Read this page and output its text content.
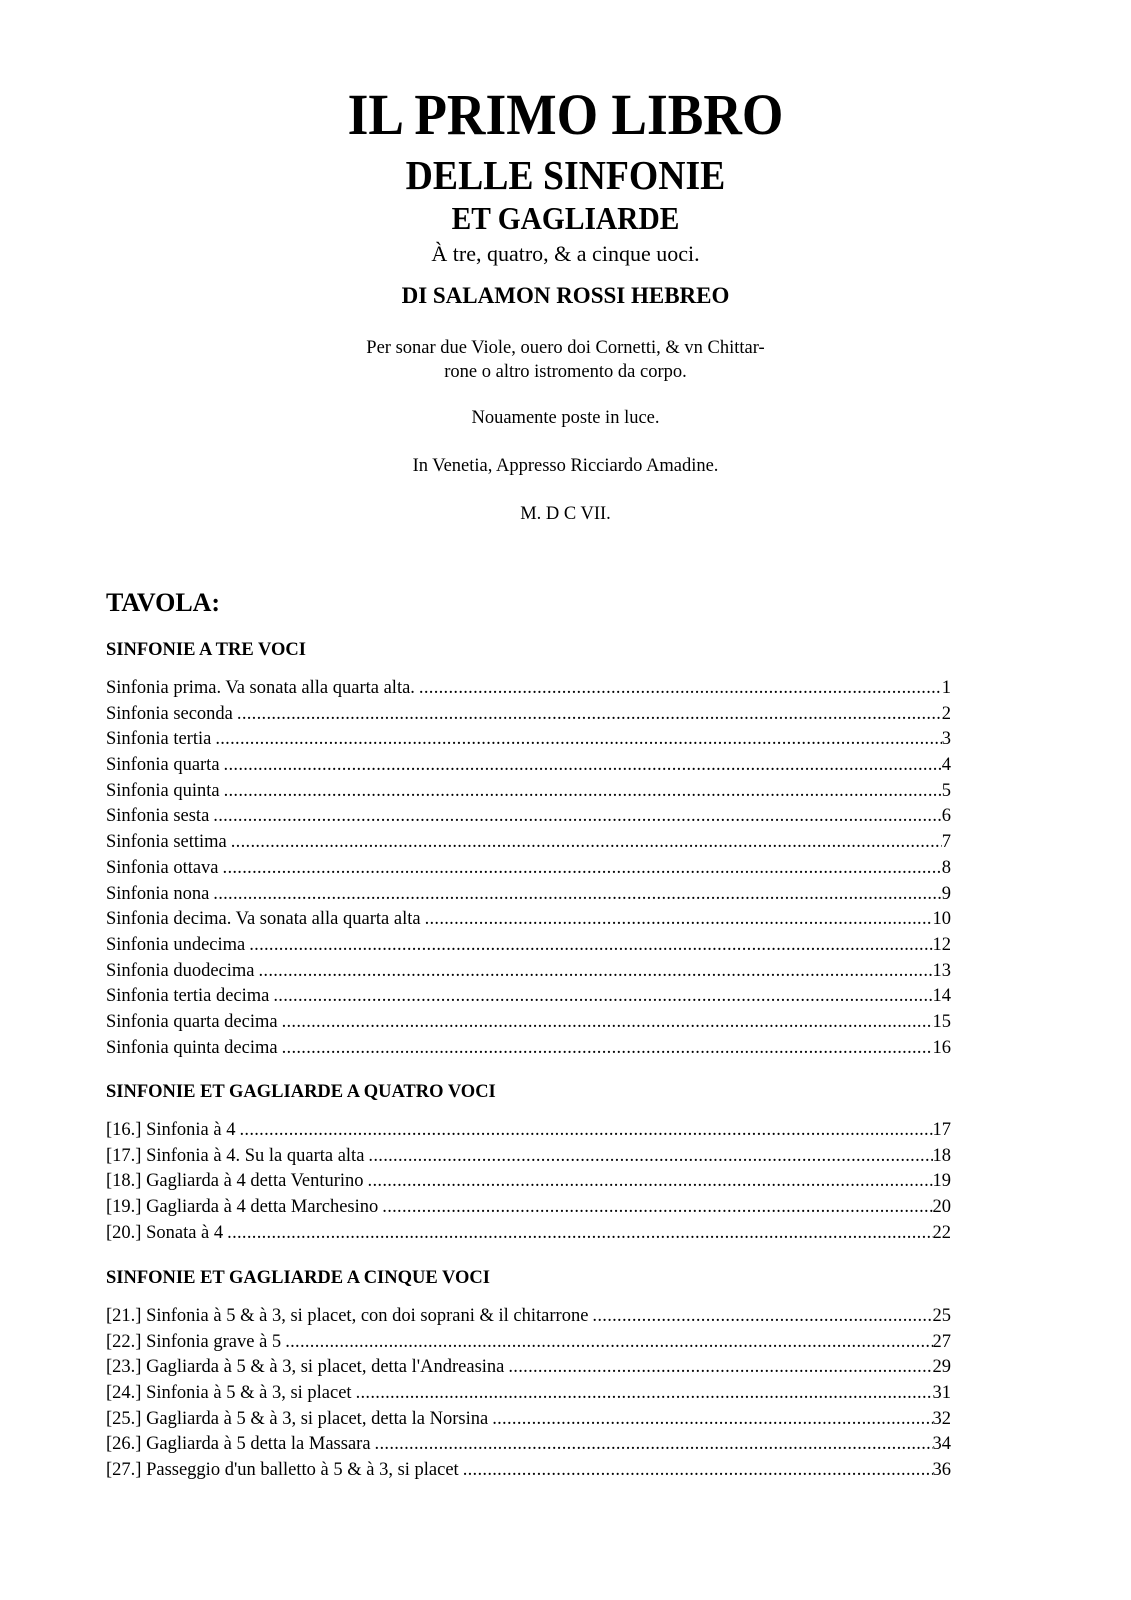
IL PRIMO LIBRO
DELLE SINFONIE
ET GAGLIARDE
À tre, quatro, & a cinque uoci.
DI SALAMON ROSSI HEBREO
Per sonar due Viole, ouero doi Cornetti, & vn Chittar-
rone o altro istromento da corpo.
Nouamente poste in luce.
In Venetia, Appresso Ricciardo Amadine.
M. D C VII.
TAVOLA:
SINFONIE A TRE VOCI
Sinfonia prima. Va sonata alla quarta alta. .....	1
Sinfonia seconda .....	2
Sinfonia tertia .....	3
Sinfonia quarta .....	4
Sinfonia quinta .....	5
Sinfonia sesta .....	6
Sinfonia settima .....	7
Sinfonia ottava .....	8
Sinfonia nona .....	9
Sinfonia decima. Va sonata alla quarta alta .....	10
Sinfonia undecima .....	12
Sinfonia duodecima .....	13
Sinfonia tertia decima .....	14
Sinfonia quarta decima .....	15
Sinfonia quinta decima .....	16
SINFONIE ET GAGLIARDE A QUATRO VOCI
[16.] Sinfonia à 4 .....	17
[17.] Sinfonia à 4. Su la quarta alta .....	18
[18.] Gagliarda à 4 detta Venturino .....	19
[19.] Gagliarda à 4 detta Marchesino .....	20
[20.] Sonata à 4 .....	22
SINFONIE ET GAGLIARDE A CINQUE VOCI
[21.] Sinfonia à 5 & à 3, si placet, con doi soprani & il chitarrone .....	25
[22.] Sinfonia grave à 5 .....	27
[23.] Gagliarda à 5 & à 3, si placet, detta l'Andreasina .....	29
[24.] Sinfonia à 5 & à 3, si placet .....	31
[25.] Gagliarda à 5 & à 3, si placet, detta la Norsina .....	32
[26.] Gagliarda à 5 detta la Massara .....	34
[27.] Passeggio d'un balletto à 5 & à 3, si placet .....	36
